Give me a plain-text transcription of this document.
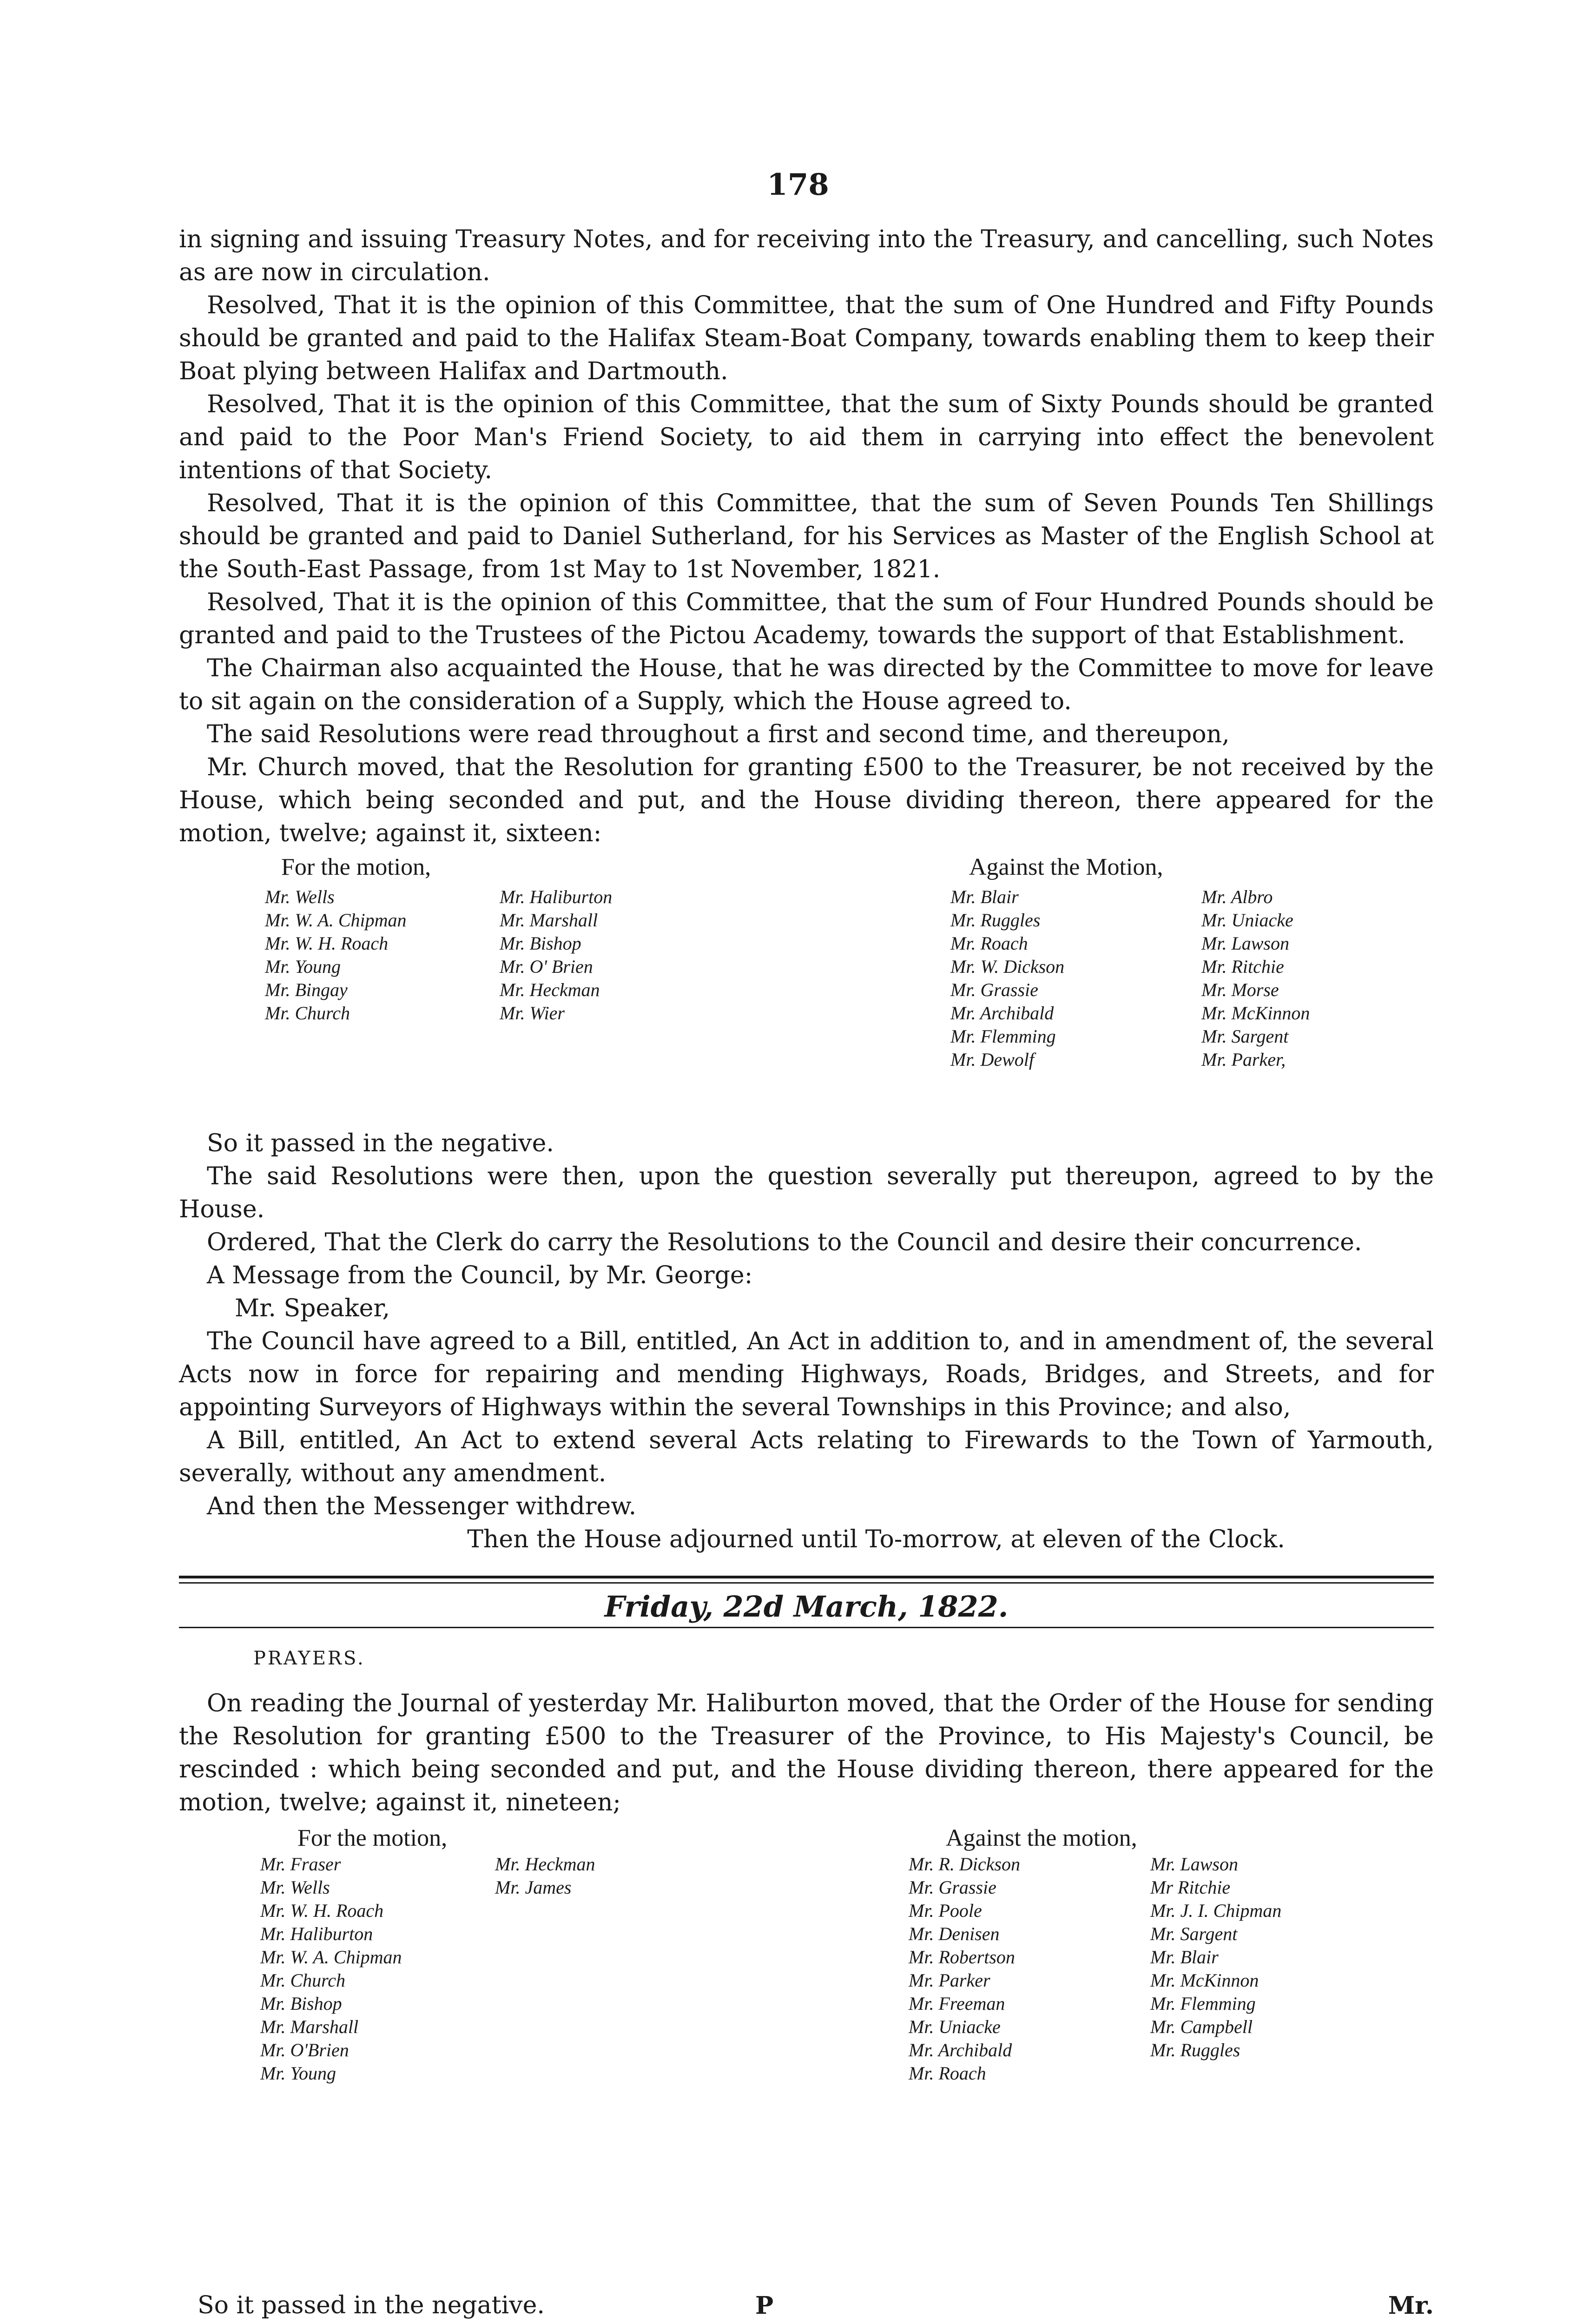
178

in signing and issuing Treasury Notes, and for receiving into the Treasury, and cancelling, such Notes as are now in circulation.

Resolved, That it is the opinion of this Committee, that the sum of One Hundred and Fifty Pounds should be granted and paid to the Halifax Steam-Boat Company, towards enabling them to keep their Boat plying between Halifax and Dartmouth.

Resolved, That it is the opinion of this Committee, that the sum of Sixty Pounds should be granted and paid to the Poor Man's Friend Society, to aid them in carrying into effect the benevolent intentions of that Society.

Resolved, That it is the opinion of this Committee, that the sum of Seven Pounds Ten Shillings should be granted and paid to Daniel Sutherland, for his Services as Master of the English School at the South-East Passage, from 1st May to 1st November, 1821.

Resolved, That it is the opinion of this Committee, that the sum of Four Hundred Pounds should be granted and paid to the Trustees of the Pictou Academy, towards the support of that Establishment.

The Chairman also acquainted the House, that he was directed by the Committee to move for leave to sit again on the consideration of a Supply, which the House agreed to.

The said Resolutions were read throughout a first and second time, and thereupon,

Mr. Church moved, that the Resolution for granting £500 to the Treasurer, be not received by the House, which being seconded and put, and the House dividing thereon, there appeared for the motion, twelve; against it, sixteen:

For the motion,	Against the Motion,
Mr. Wells
Mr. W. A. Chipman
Mr. W. H. Roach
Mr. Young
Mr. Bingay
Mr. Church
Mr. Haliburton
Mr. Marshall
Mr. Bishop
Mr. O' Brien
Mr. Heckman
Mr. Wier
Mr. Blair
Mr. Ruggles
Mr. Roach
Mr. W. Dickson
Mr. Grassie
Mr. Archibald
Mr. Flemming
Mr. Dewolf
Mr. Albro
Mr. Uniacke
Mr. Lawson
Mr. Ritchie
Mr. Morse
Mr. McKinnon
Mr. Sargent
Mr. Parker,

So it passed in the negative.

The said Resolutions were then, upon the question severally put thereupon, agreed to by the House.

Ordered, That the Clerk do carry the Resolutions to the Council and desire their concurrence.

A Message from the Council, by Mr. George:

Mr. Speaker,

The Council have agreed to a Bill, entitled, An Act in addition to, and in amendment of, the several Acts now in force for repairing and mending Highways, Roads, Bridges, and Streets, and for appointing Surveyors of Highways within the several Townships in this Province; and also,

A Bill, entitled, An Act to extend several Acts relating to Firewards to the Town of Yarmouth, severally, without any amendment.

And then the Messenger withdrew.

Then the House adjourned until To-morrow, at eleven of the Clock.

Friday, 22d March, 1822.
PRAYERS.

On reading the Journal of yesterday Mr. Haliburton moved, that the Order of the House for sending the Resolution for granting £500 to the Treasurer of the Province, to His Majesty's Council, be rescinded : which being seconded and put, and the House dividing thereon, there appeared for the motion, twelve; against it, nineteen;

For the motion,	Against the motion,
Mr. Fraser
Mr. Wells
Mr. W. H. Roach
Mr. Haliburton
Mr. W. A. Chipman
Mr. Church
Mr. Bishop
Mr. Marshall
Mr. O'Brien
Mr. Young
Mr. Heckman
Mr. James
Mr. R. Dickson
Mr. Grassie
Mr. Poole
Mr. Denisen
Mr. Robertson
Mr. Parker
Mr. Freeman
Mr. Uniacke
Mr. Archibald
Mr. Roach
Mr. Lawson
Mr Ritchie
Mr. J. I. Chipman
Mr. Sargent
Mr. Blair
Mr. McKinnon
Mr. Flemming
Mr. Campbell
Mr. Ruggles
So it passed in the negative.	P	Mr.
